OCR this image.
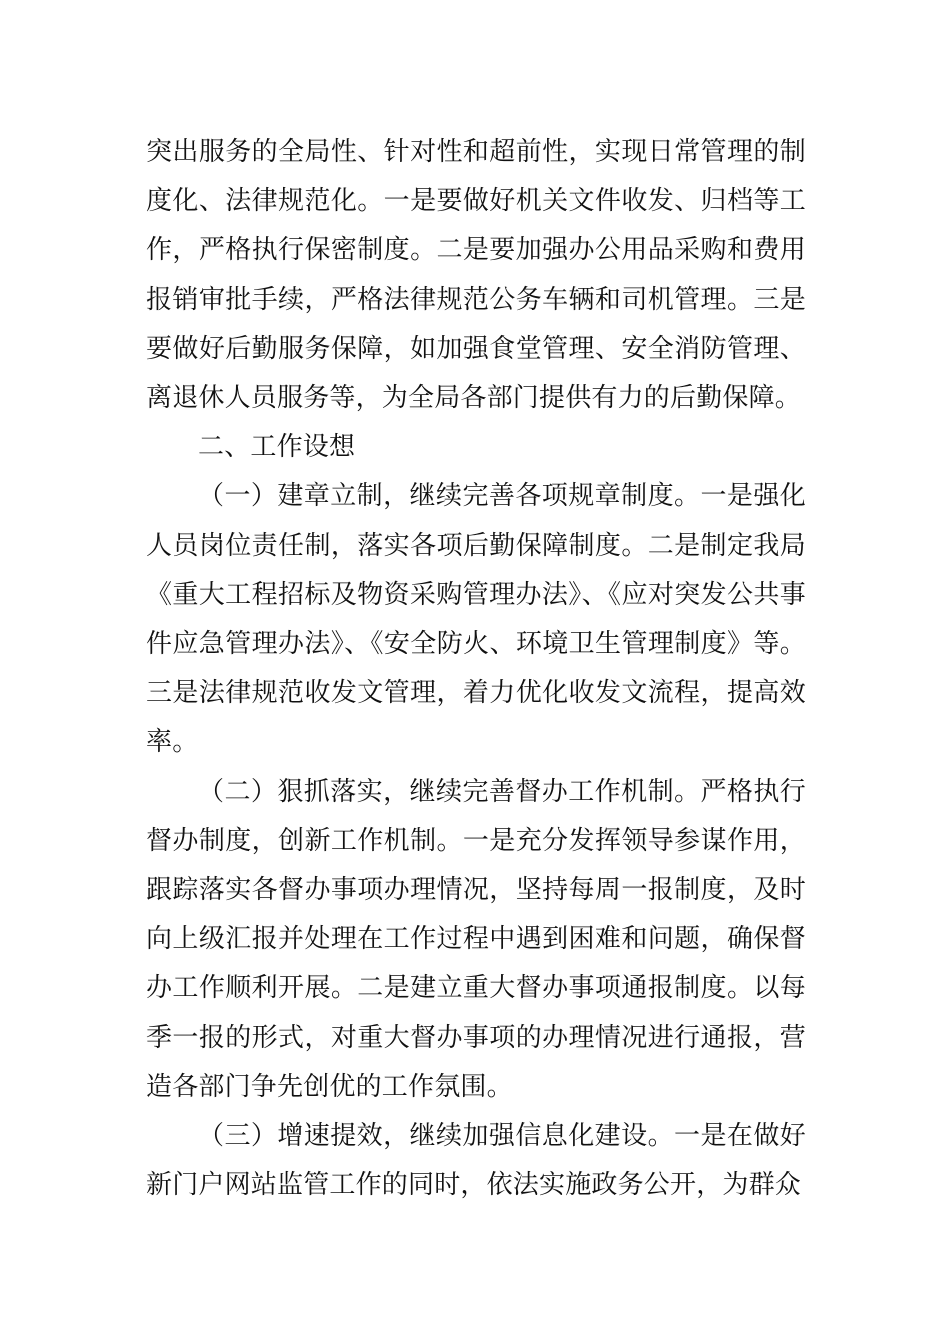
突出服务的全局性、针对性和超前性，实现日常管理的制度化、法律规范化。一是要做好机关文件收发、归档等工作，严格执行保密制度。二是要加强办公用品采购和费用报销审批手续，严格法律规范公务车辆和司机管理。三是要做好后勤服务保障，如加强食堂管理、安全消防管理、离退休人员服务等，为全局各部门提供有力的后勤保障。

二、工作设想

（一）建章立制，继续完善各项规章制度。一是强化人员岗位责任制，落实各项后勤保障制度。二是制定我局《重大工程招标及物资采购管理办法》、《应对突发公共事件应急管理办法》、《安全防火、环境卫生管理制度》等。三是法律规范收发文管理，着力优化收发文流程，提高效率。

（二）狠抓落实，继续完善督办工作机制。严格执行督办制度，创新工作机制。一是充分发挥领导参谋作用，跟踪落实各督办事项办理情况，坚持每周一报制度，及时向上级汇报并处理在工作过程中遇到困难和问题，确保督办工作顺利开展。二是建立重大督办事项通报制度。以每季一报的形式，对重大督办事项的办理情况进行通报，营造各部门争先创优的工作氛围。

（三）增速提效，继续加强信息化建设。一是在做好新门户网站监管工作的同时，依法实施政务公开，为群众
